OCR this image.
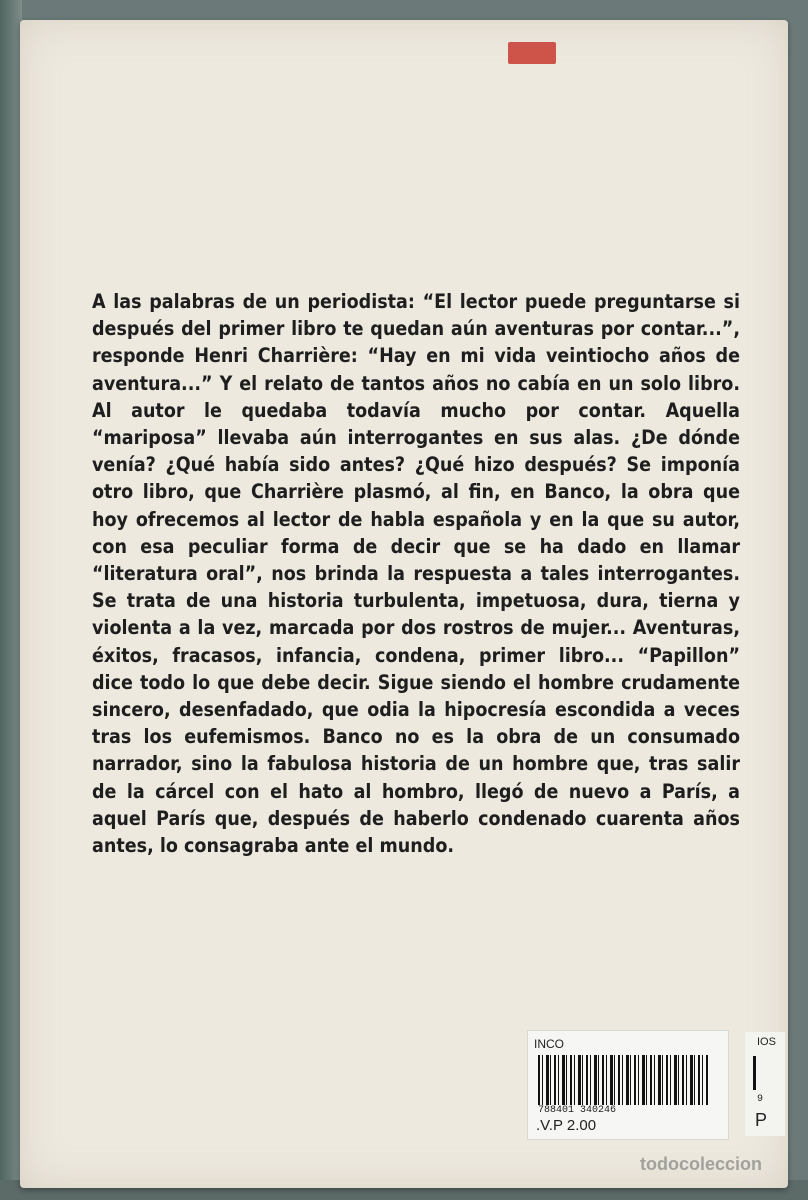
A las palabras de un periodista: “El lector puede preguntarse si después del primer libro te quedan aún aventuras por contar...”, responde Henri Charrière: “Hay en mi vida veintiocho años de aventura...” Y el relato de tantos años no cabía en un solo libro. Al autor le quedaba todavía mucho por contar. Aquella “mariposa” llevaba aún interrogantes en sus alas. ¿De dónde venía? ¿Qué había sido antes? ¿Qué hizo después? Se imponía otro libro, que Charrière plasmó, al fin, en Banco, la obra que hoy ofrecemos al lector de habla española y en la que su autor, con esa peculiar forma de decir que se ha dado en llamar “literatura oral”, nos brinda la respuesta a tales interrogantes. Se trata de una historia turbulenta, impetuosa, dura, tierna y violenta a la vez, marcada por dos rostros de mujer... Aventuras, éxitos, fracasos, infancia, condena, primer libro... “Papillon” dice todo lo que debe decir. Sigue siendo el hombre crudamente sincero, desenfadado, que odia la hipocresía escondida a veces tras los eufemismos. Banco no es la obra de un consumado narrador, sino la fabulosa historia de un hombre que, tras salir de la cárcel con el hato al hombro, llegó de nuevo a París, a aquel París que, después de haberlo condenado cuarenta años antes, lo consagraba ante el mundo.

INCO
788401 340246
.V.P 2.00
IOS
9
P
todocoleccion
